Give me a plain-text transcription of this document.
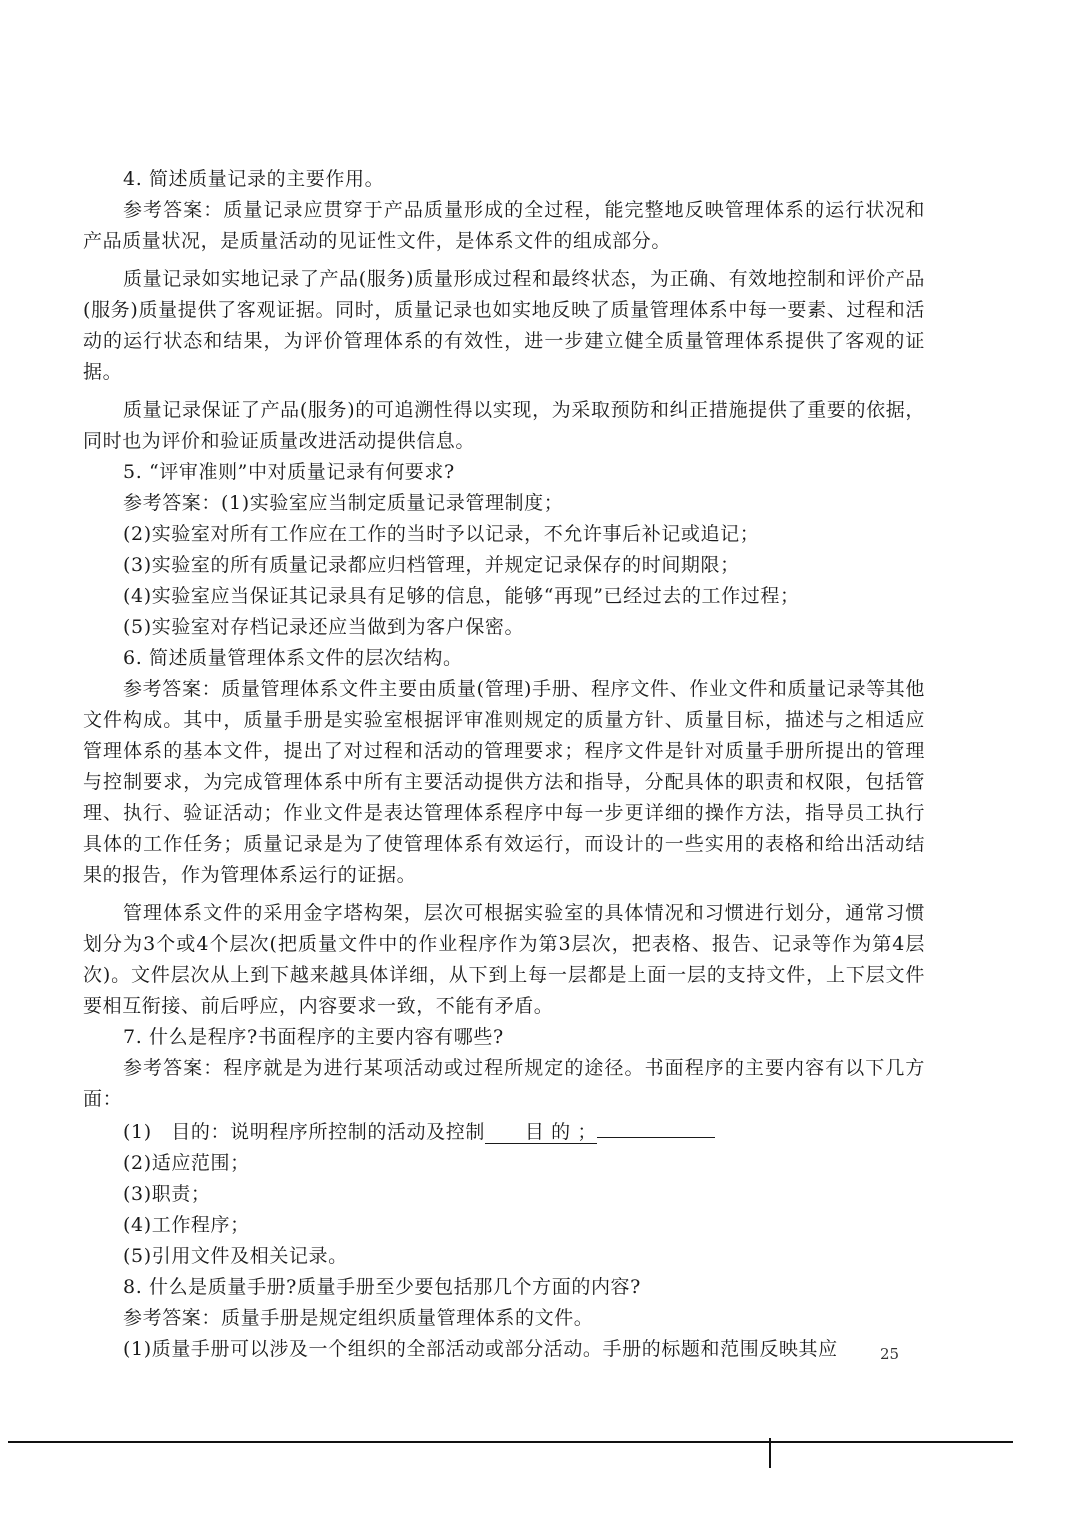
4. 简述质量记录的主要作用。

参考答案：质量记录应贯穿于产品质量形成的全过程，能完整地反映管理体系的运行状况和产品质量状况，是质量活动的见证性文件，是体系文件的组成部分。

质量记录如实地记录了产品(服务)质量形成过程和最终状态，为正确、有效地控制和评价产品(服务)质量提供了客观证据。同时，质量记录也如实地反映了质量管理体系中每一要素、过程和活动的运行状态和结果，为评价管理体系的有效性，进一步建立健全质量管理体系提供了客观的证据。

质量记录保证了产品(服务)的可追溯性得以实现，为采取预防和纠正措施提供了重要的依据，同时也为评价和验证质量改进活动提供信息。

5. “评审准则”中对质量记录有何要求?

参考答案：(1)实验室应当制定质量记录管理制度；

(2)实验室对所有工作应在工作的当时予以记录，不允许事后补记或追记；

(3)实验室的所有质量记录都应归档管理，并规定记录保存的时间期限；

(4)实验室应当保证其记录具有足够的信息，能够“再现”已经过去的工作过程；

(5)实验室对存档记录还应当做到为客户保密。

6. 简述质量管理体系文件的层次结构。

参考答案：质量管理体系文件主要由质量(管理)手册、程序文件、作业文件和质量记录等其他文件构成。其中，质量手册是实验室根据评审准则规定的质量方针、质量目标，描述与之相适应管理体系的基本文件，提出了对过程和活动的管理要求；程序文件是针对质量手册所提出的管理与控制要求，为完成管理体系中所有主要活动提供方法和指导，分配具体的职责和权限，包括管理、执行、验证活动；作业文件是表达管理体系程序中每一步更详细的操作方法，指导员工执行具体的工作任务；质量记录是为了使管理体系有效运行，而设计的一些实用的表格和给出活动结果的报告，作为管理体系运行的证据。

管理体系文件的采用金字塔构架，层次可根据实验室的具体情况和习惯进行划分，通常习惯划分为3个或4个层次(把质量文件中的作业程序作为第3层次，把表格、报告、记录等作为第4层次)。文件层次从上到下越来越具体详细，从下到上每一层都是上面一层的支持文件，上下层文件要相互衔接、前后呼应，内容要求一致，不能有矛盾。

7. 什么是程序?书面程序的主要内容有哪些?

参考答案：程序就是为进行某项活动或过程所规定的途径。书面程序的主要内容有以下几方面：

(1)　目的：说明程序所控制的活动及控制 目 的 ；

(2)适应范围；

(3)职责；

(4)工作程序；

(5)引用文件及相关记录。

8. 什么是质量手册?质量手册至少要包括那几个方面的内容?

参考答案：质量手册是规定组织质量管理体系的文件。

(1)质量手册可以涉及一个组织的全部活动或部分活动。手册的标题和范围反映其应	25
